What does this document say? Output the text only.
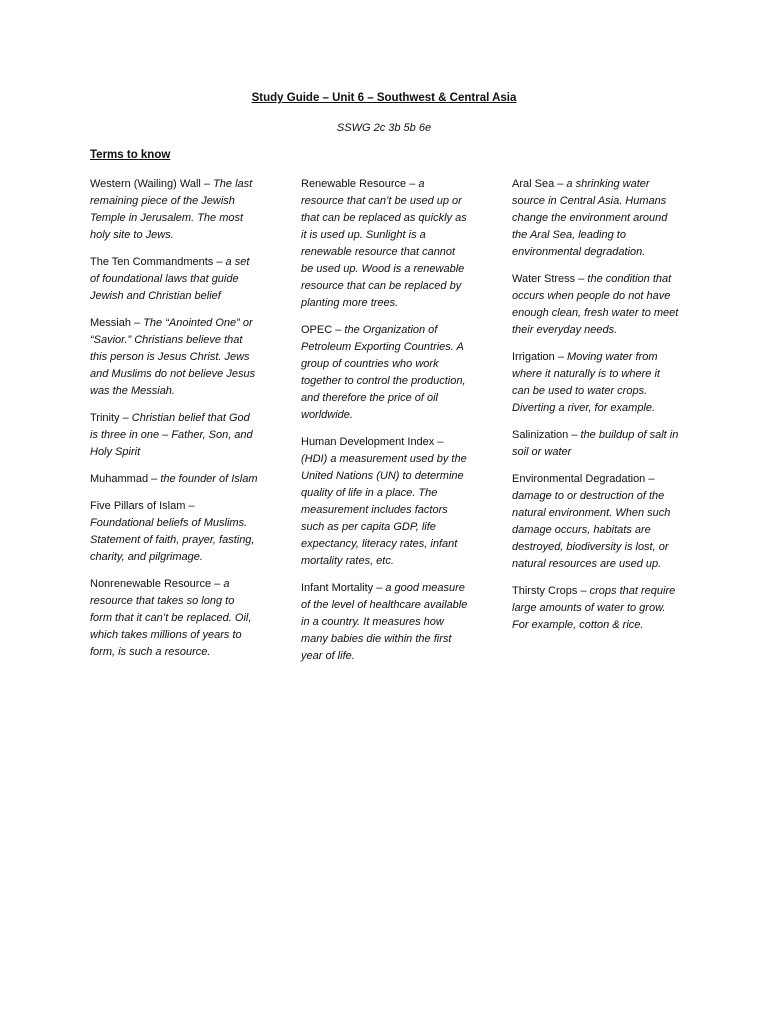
Study Guide – Unit 6 – Southwest & Central Asia
SSWG 2c 3b 5b 6e
Terms to know

Western (Wailing) Wall – The last remaining piece of the Jewish Temple in Jerusalem. The most holy site to Jews.

The Ten Commandments – a set of foundational laws that guide Jewish and Christian belief

Messiah – The “Anointed One” or “Savior.” Christians believe that this person is Jesus Christ. Jews and Muslims do not believe Jesus was the Messiah.

Trinity – Christian belief that God is three in one – Father, Son, and Holy Spirit

Muhammad – the founder of Islam

Five Pillars of Islam – Foundational beliefs of Muslims. Statement of faith, prayer, fasting, charity, and pilgrimage.

Nonrenewable Resource – a resource that takes so long to form that it can’t be replaced. Oil, which takes millions of years to form, is such a resource.

Renewable Resource – a resource that can’t be used up or that can be replaced as quickly as it is used up. Sunlight is a renewable resource that cannot be used up. Wood is a renewable resource that can be replaced by planting more trees.

OPEC – the Organization of Petroleum Exporting Countries. A group of countries who work together to control the production, and therefore the price of oil worldwide.

Human Development Index – (HDI) a measurement used by the United Nations (UN) to determine quality of life in a place. The measurement includes factors such as per capita GDP, life expectancy, literacy rates, infant mortality rates, etc.

Infant Mortality – a good measure of the level of healthcare available in a country. It measures how many babies die within the first year of life.

Aral Sea – a shrinking water source in Central Asia. Humans change the environment around the Aral Sea, leading to environmental degradation.

Water Stress – the condition that occurs when people do not have enough clean, fresh water to meet their everyday needs.

Irrigation – Moving water from where it naturally is to where it can be used to water crops. Diverting a river, for example.

Salinization – the buildup of salt in soil or water

Environmental Degradation – damage to or destruction of the natural environment. When such damage occurs, habitats are destroyed, biodiversity is lost, or natural resources are used up.

Thirsty Crops – crops that require large amounts of water to grow. For example, cotton & rice.
